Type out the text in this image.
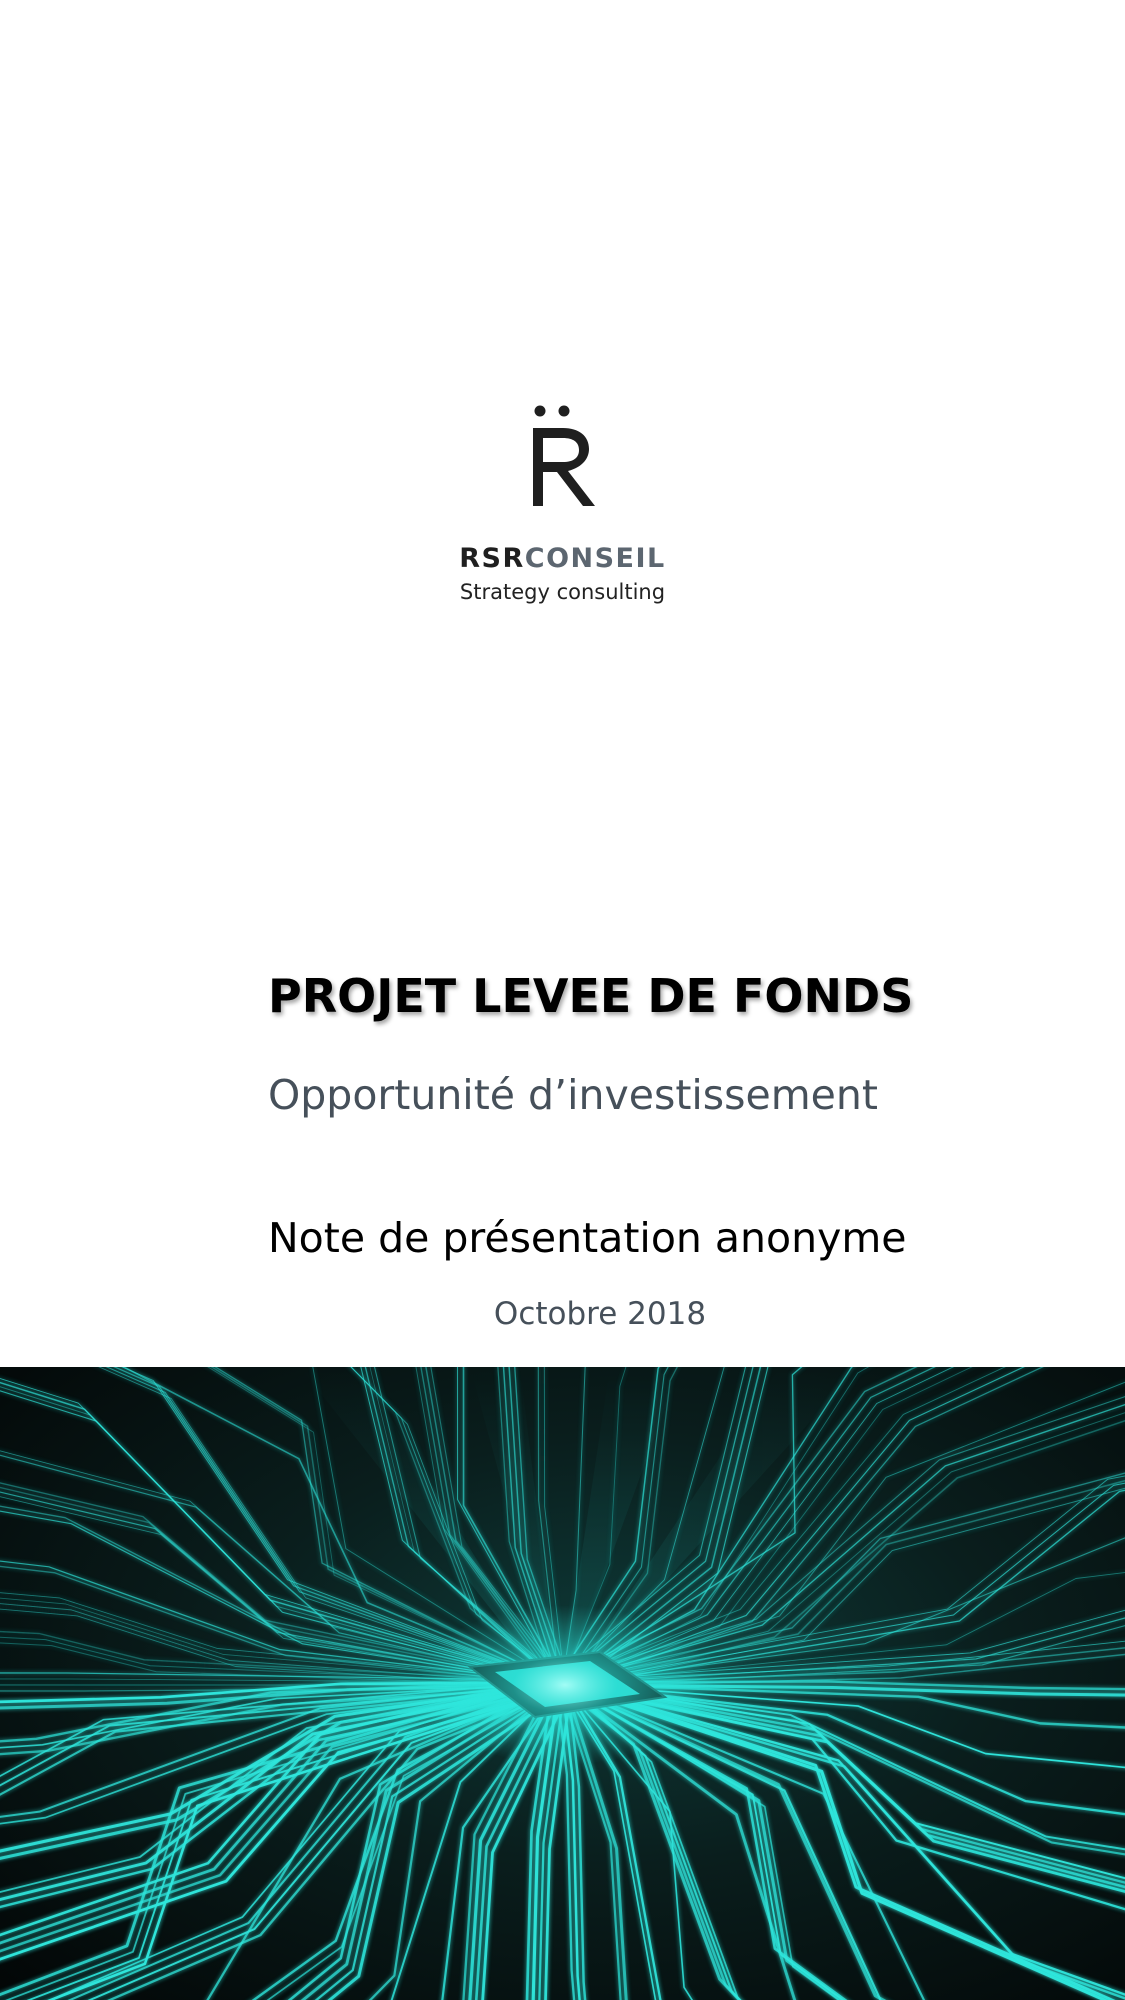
RSRCONSEIL
Strategy consulting
PROJET LEVEE DE FONDS
Opportunité d’investissement
Note de présentation anonyme
Octobre 2018
